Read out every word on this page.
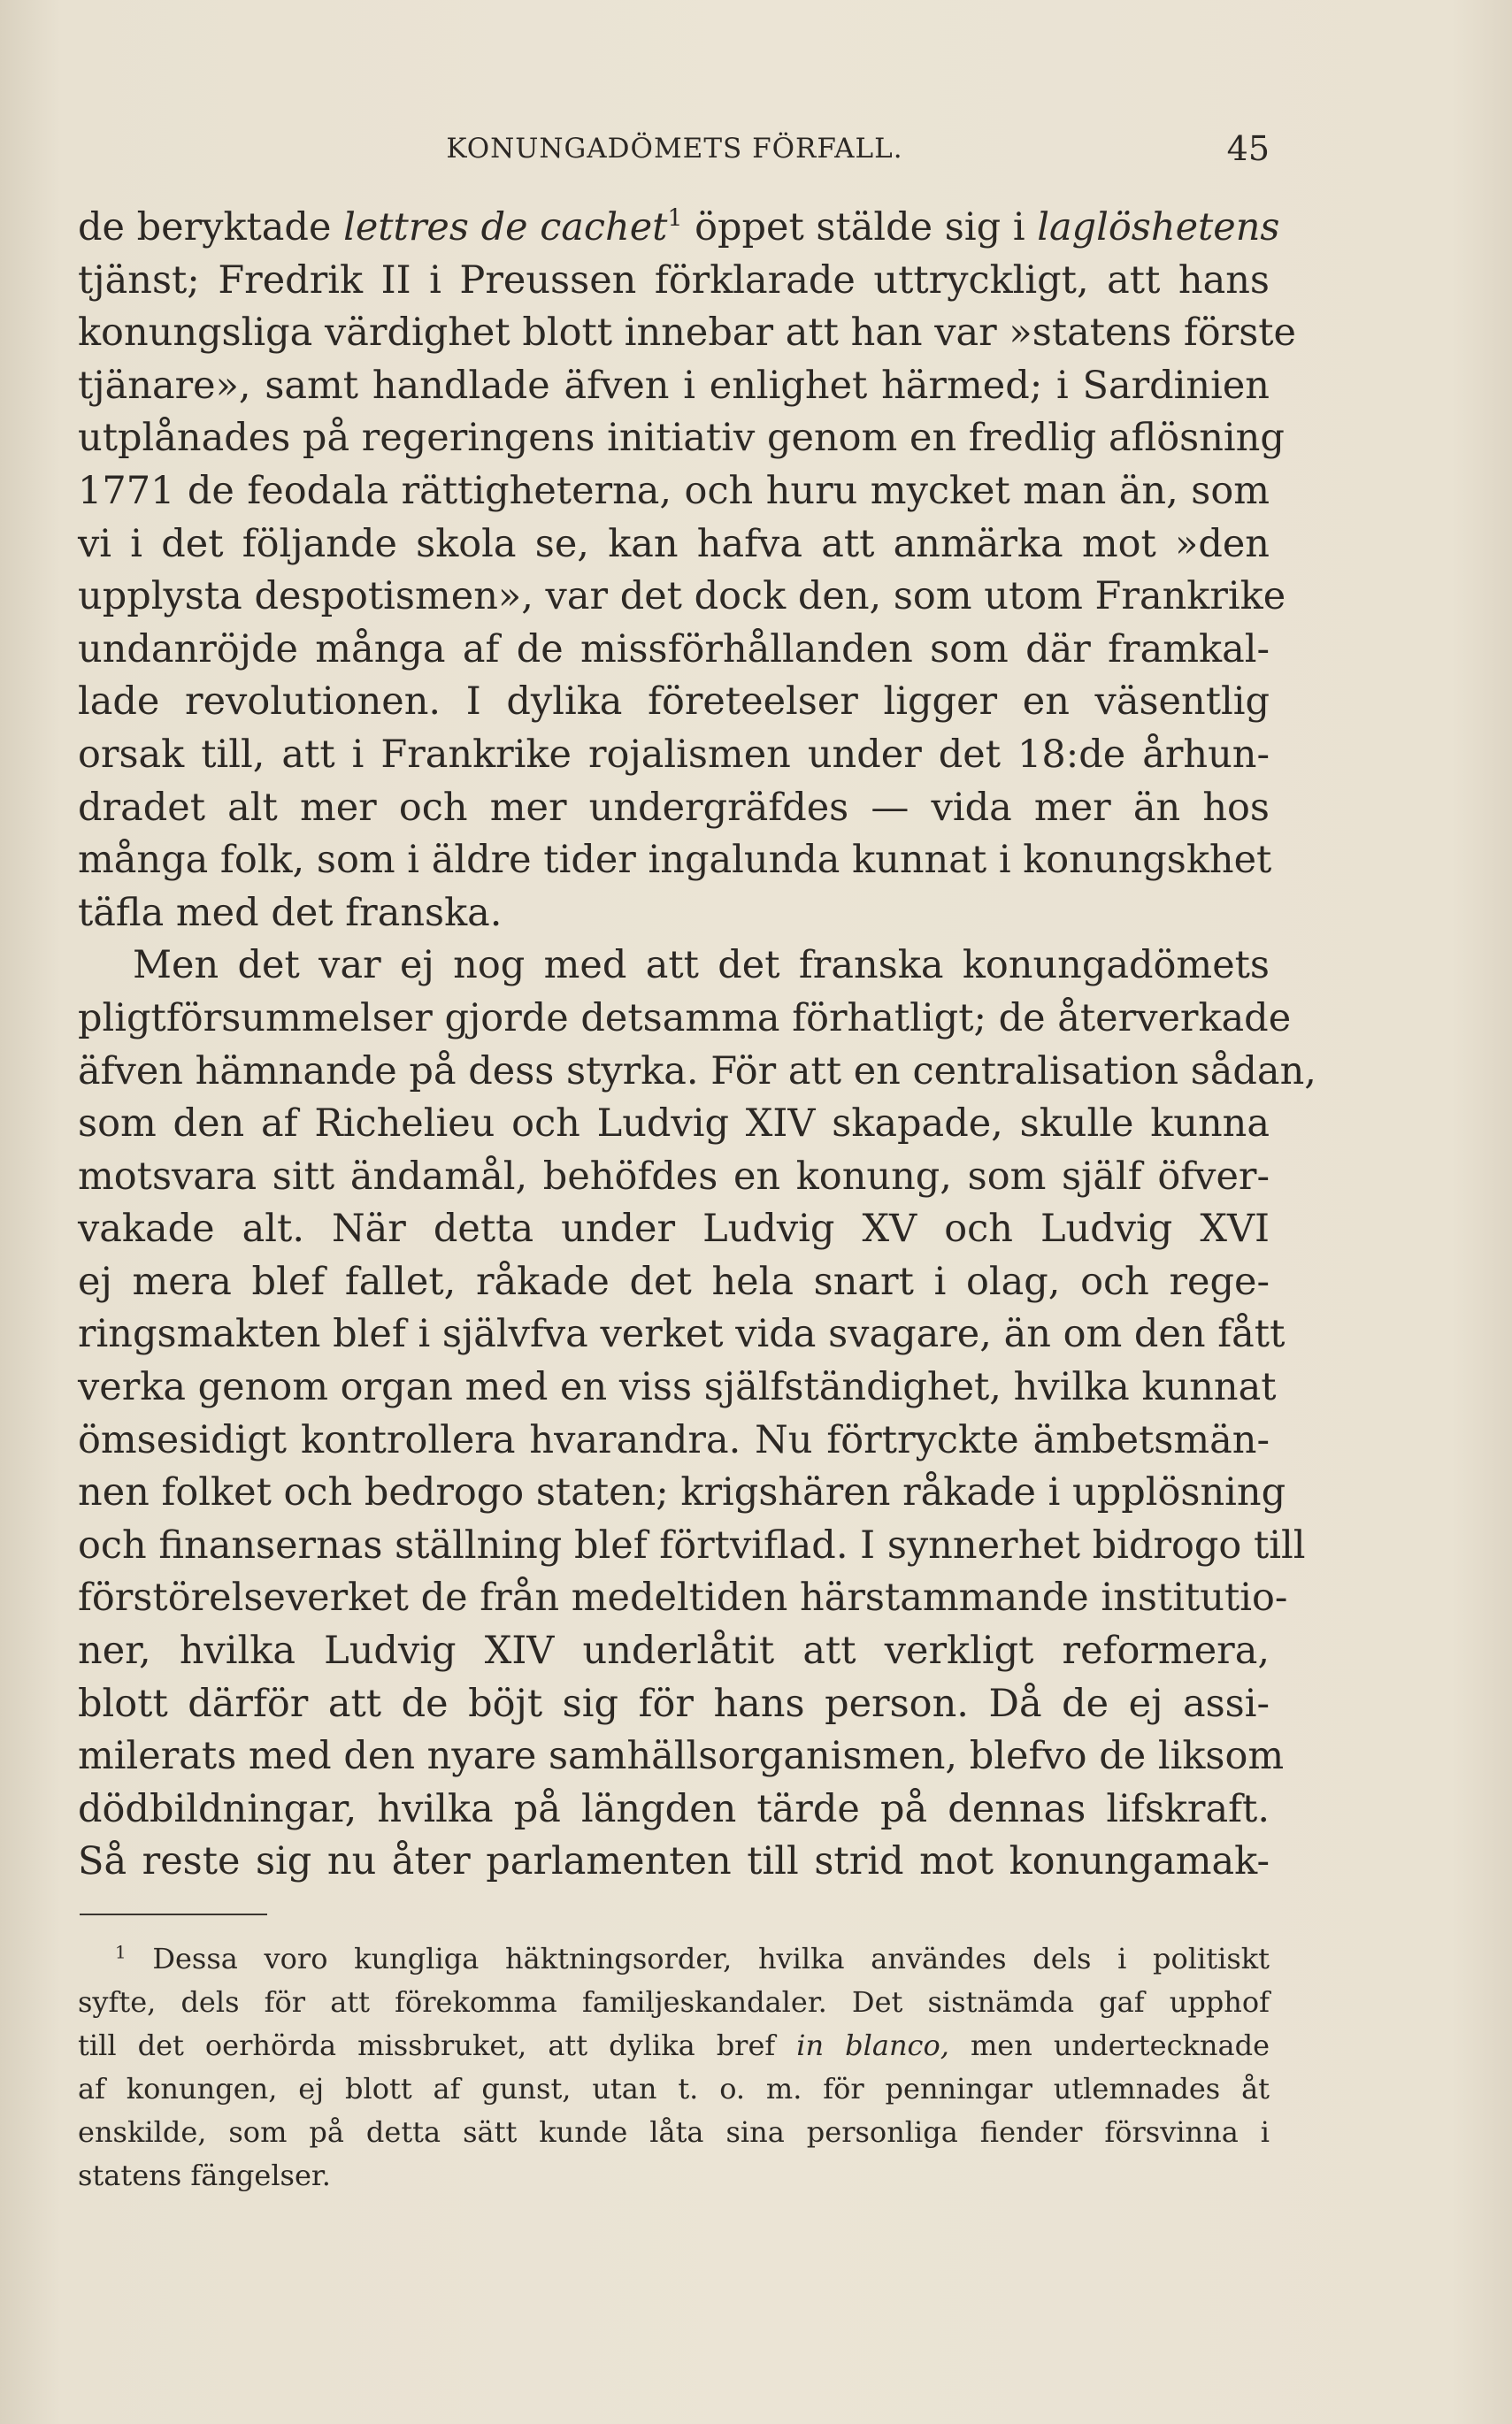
KONUNGADÖMETS FÖRFALL.	45
de beryktade lettres de cachet$^1$ öppet stälde sig i laglöshetens
tjänst; Fredrik II i Preussen förklarade uttryckligt, att hans
konungsliga värdighet blott innebar att han var »statens förste
tjänare», samt handlade äfven i enlighet härmed; i Sardinien
utplånades på regeringens initiativ genom en fredlig aflösning
1771 de feodala rättigheterna, och huru mycket man än, som
vi i det följande skola se, kan hafva att anmärka mot »den
upplysta despotismen», var det dock den, som utom Frankrike
undanröjde många af de missförhållanden som där framkal-
lade revolutionen. I dylika företeelser ligger en väsentlig
orsak till, att i Frankrike rojalismen under det 18:de århun-
dradet alt mer och mer undergräfdes — vida mer än hos
många folk, som i äldre tider ingalunda kunnat i konungskhet
täfla med det franska.
Men det var ej nog med att det franska konungadömets
pligtförsummelser gjorde detsamma förhatligt; de återverkade
äfven hämnande på dess styrka. För att en centralisation sådan,
som den af Richelieu och Ludvig XIV skapade, skulle kunna
motsvara sitt ändamål, behöfdes en konung, som själf öfver-
vakade alt. När detta under Ludvig XV och Ludvig XVI
ej mera blef fallet, råkade det hela snart i olag, och rege-
ringsmakten blef i självfva verket vida svagare, än om den fått
verka genom organ med en viss själfständighet, hvilka kunnat
ömsesidigt kontrollera hvarandra. Nu förtryckte ämbetsmän-
nen folket och bedrogo staten; krigshären råkade i upplösning
och finansernas ställning blef förtviflad. I synnerhet bidrogo till
förstörelseverket de från medeltiden härstammande institutio-
ner, hvilka Ludvig XIV underlåtit att verkligt reformera,
blott därför att de böjt sig för hans person. Då de ej assi-
milerats med den nyare samhällsorganismen, blefvo de liksom
dödbildningar, hvilka på längden tärde på dennas lifskraft.
Så reste sig nu åter parlamenten till strid mot konungamak-
$^1$ Dessa voro kungliga häktningsorder, hvilka användes dels i politiskt
syfte, dels för att förekomma familjeskandaler. Det sistnämda gaf upphof
till det oerhörda missbruket, att dylika bref in blanco, men undertecknade
af konungen, ej blott af gunst, utan t. o. m. för penningar utlemnades åt
enskilde, som på detta sätt kunde låta sina personliga fiender försvinna i
statens fängelser.
